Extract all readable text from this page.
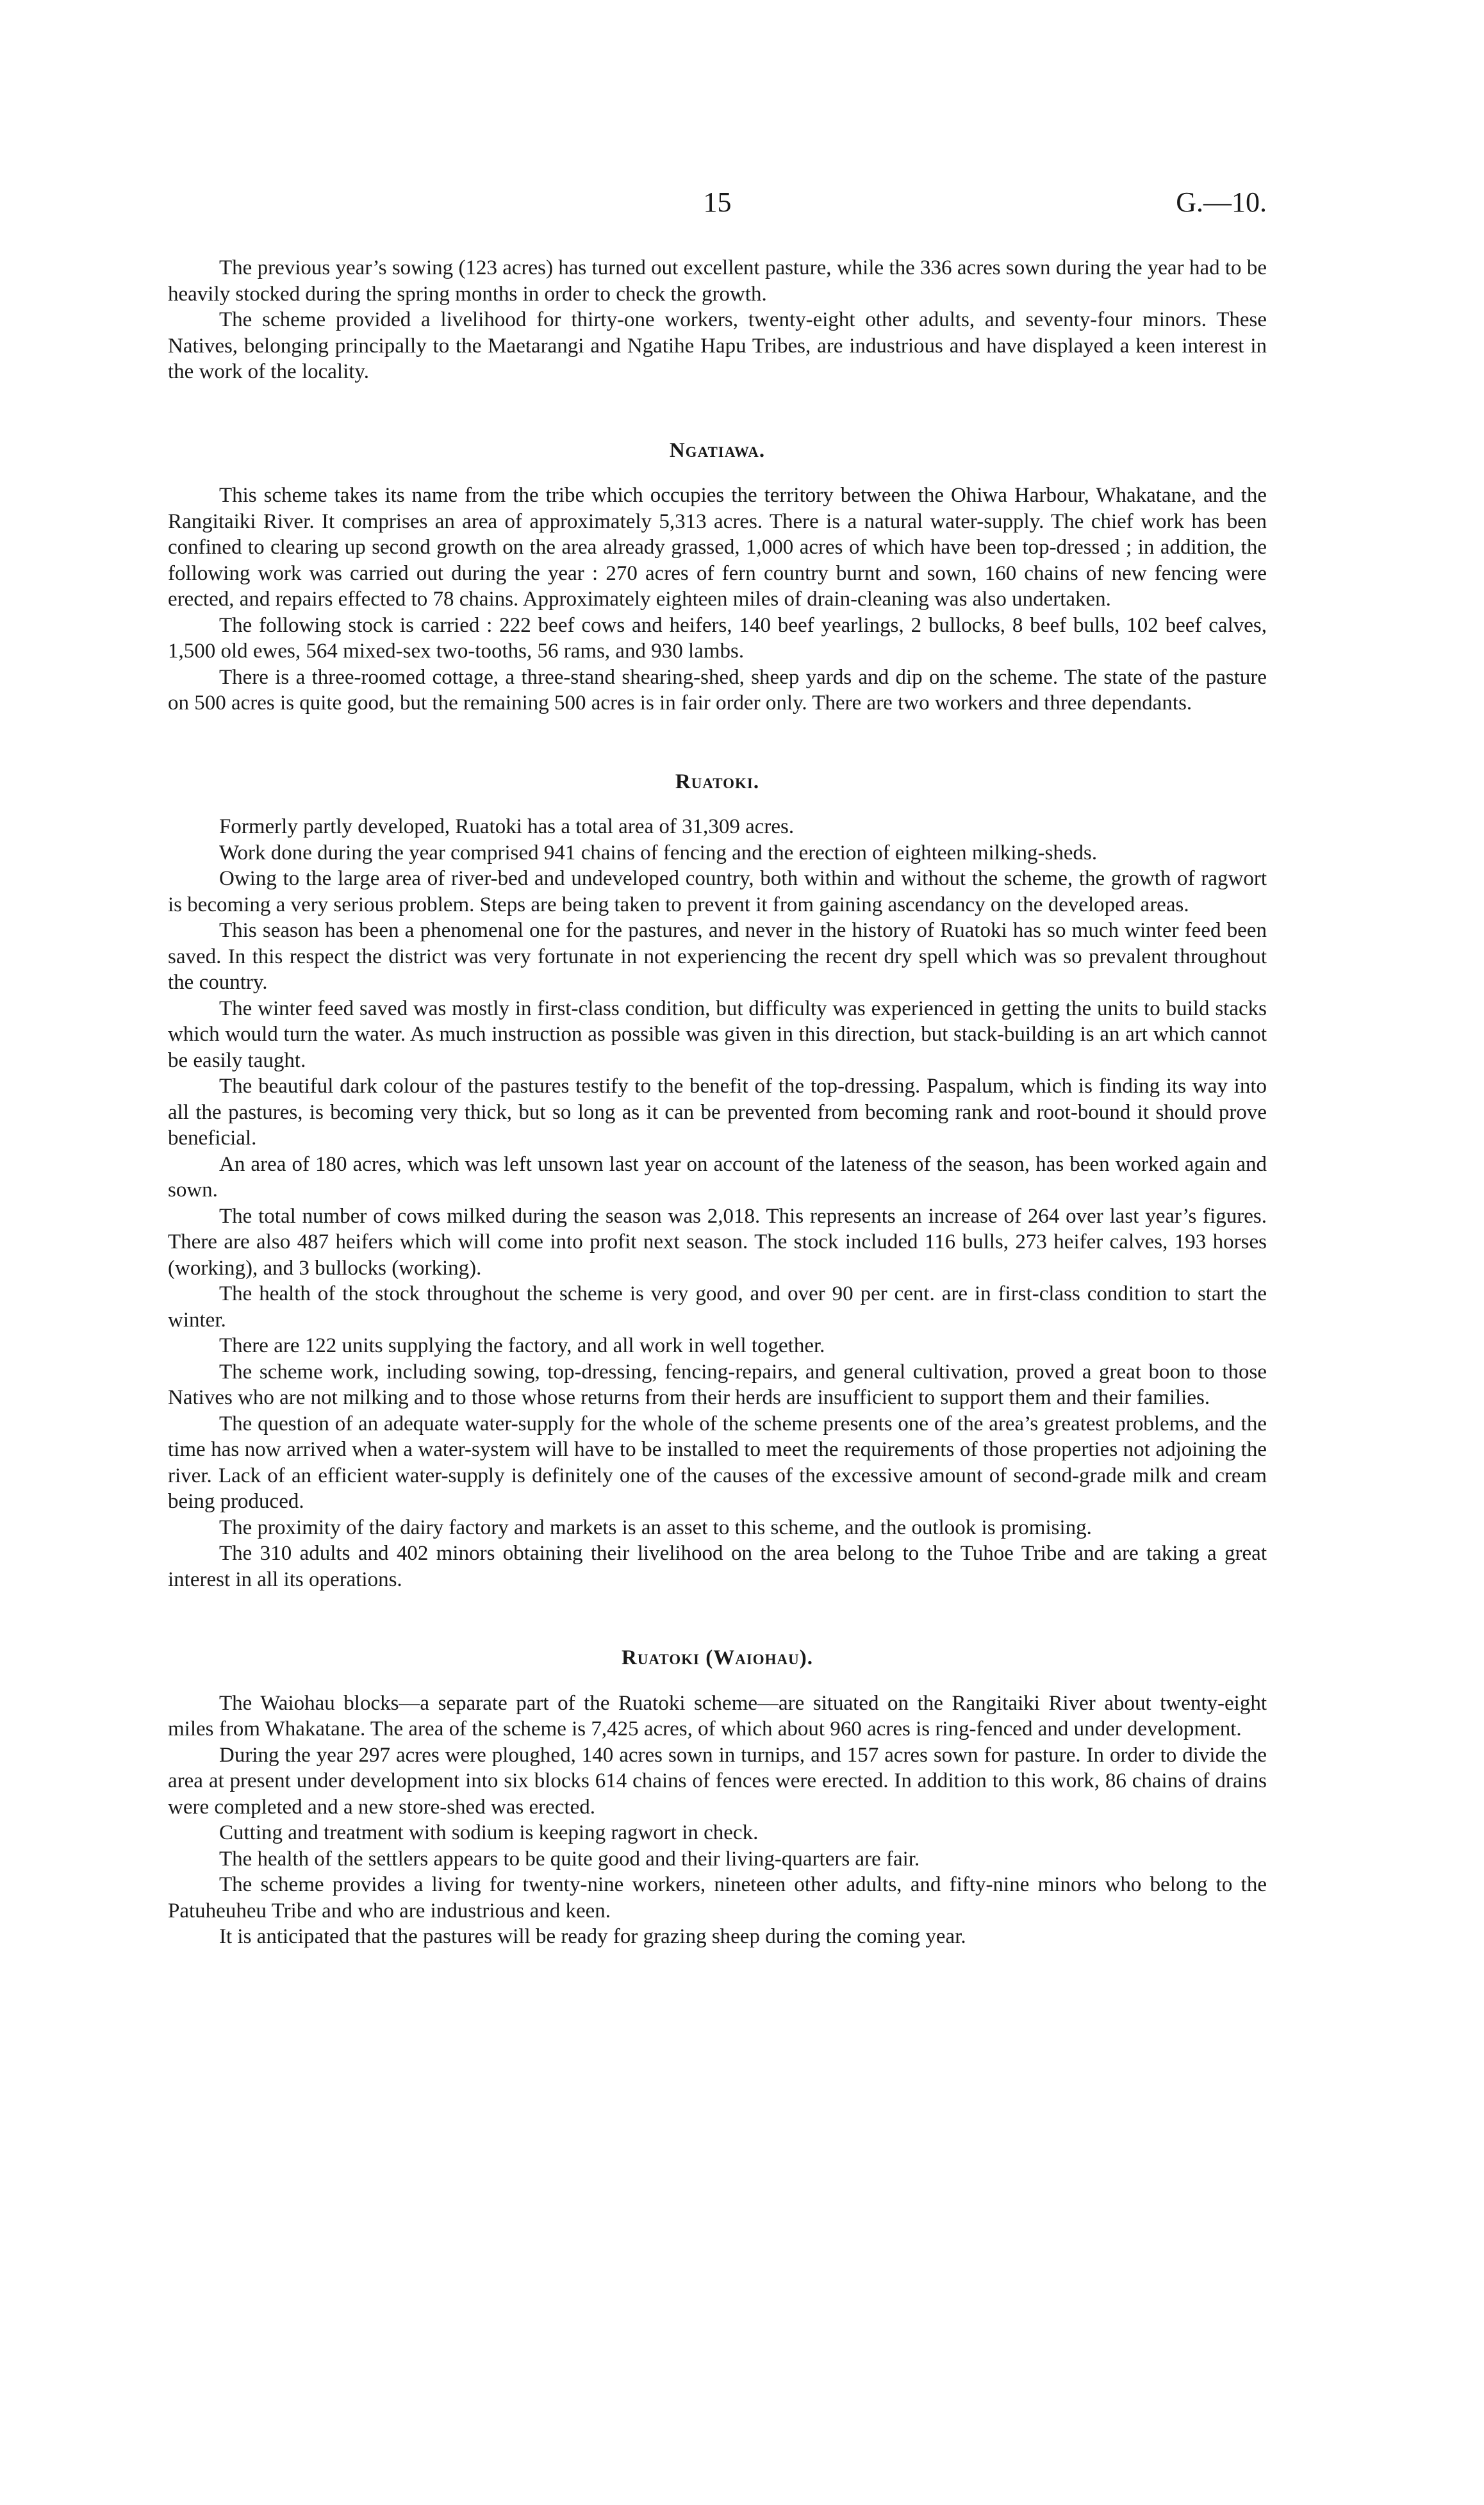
15	G.—10.

The previous year’s sowing (123 acres) has turned out excellent pasture, while the 336 acres sown during the year had to be heavily stocked during the spring months in order to check the growth.

The scheme provided a livelihood for thirty-one workers, twenty-eight other adults, and seventy-four minors. These Natives, belonging principally to the Maetarangi and Ngatihe Hapu Tribes, are industrious and have displayed a keen interest in the work of the locality.

Ngatiawa.

This scheme takes its name from the tribe which occupies the territory between the Ohiwa Harbour, Whakatane, and the Rangitaiki River. It comprises an area of approximately 5,313 acres. There is a natural water-supply. The chief work has been confined to clearing up second growth on the area already grassed, 1,000 acres of which have been top-dressed ; in addition, the following work was carried out during the year : 270 acres of fern country burnt and sown, 160 chains of new fencing were erected, and repairs effected to 78 chains. Approximately eighteen miles of drain-cleaning was also undertaken.

The following stock is carried : 222 beef cows and heifers, 140 beef yearlings, 2 bullocks, 8 beef bulls, 102 beef calves, 1,500 old ewes, 564 mixed-sex two-tooths, 56 rams, and 930 lambs.

There is a three-roomed cottage, a three-stand shearing-shed, sheep yards and dip on the scheme. The state of the pasture on 500 acres is quite good, but the remaining 500 acres is in fair order only. There are two workers and three dependants.

Ruatoki.

Formerly partly developed, Ruatoki has a total area of 31,309 acres.

Work done during the year comprised 941 chains of fencing and the erection of eighteen milking-sheds.

Owing to the large area of river-bed and undeveloped country, both within and without the scheme, the growth of ragwort is becoming a very serious problem. Steps are being taken to prevent it from gaining ascendancy on the developed areas.

This season has been a phenomenal one for the pastures, and never in the history of Ruatoki has so much winter feed been saved. In this respect the district was very fortunate in not experiencing the recent dry spell which was so prevalent throughout the country.

The winter feed saved was mostly in first-class condition, but difficulty was experienced in getting the units to build stacks which would turn the water. As much instruction as possible was given in this direction, but stack-building is an art which cannot be easily taught.

The beautiful dark colour of the pastures testify to the benefit of the top-dressing. Paspalum, which is finding its way into all the pastures, is becoming very thick, but so long as it can be prevented from becoming rank and root-bound it should prove beneficial.

An area of 180 acres, which was left unsown last year on account of the lateness of the season, has been worked again and sown.

The total number of cows milked during the season was 2,018. This represents an increase of 264 over last year’s figures. There are also 487 heifers which will come into profit next season. The stock included 116 bulls, 273 heifer calves, 193 horses (working), and 3 bullocks (working).

The health of the stock throughout the scheme is very good, and over 90 per cent. are in first-class condition to start the winter.

There are 122 units supplying the factory, and all work in well together.

The scheme work, including sowing, top-dressing, fencing-repairs, and general cultivation, proved a great boon to those Natives who are not milking and to those whose returns from their herds are insufficient to support them and their families.

The question of an adequate water-supply for the whole of the scheme presents one of the area’s greatest problems, and the time has now arrived when a water-system will have to be installed to meet the requirements of those properties not adjoining the river. Lack of an efficient water-supply is definitely one of the causes of the excessive amount of second-grade milk and cream being produced.

The proximity of the dairy factory and markets is an asset to this scheme, and the outlook is promising.

The 310 adults and 402 minors obtaining their livelihood on the area belong to the Tuhoe Tribe and are taking a great interest in all its operations.

Ruatoki (Waiohau).

The Waiohau blocks—a separate part of the Ruatoki scheme—are situated on the Rangitaiki River about twenty-eight miles from Whakatane. The area of the scheme is 7,425 acres, of which about 960 acres is ring-fenced and under development.

During the year 297 acres were ploughed, 140 acres sown in turnips, and 157 acres sown for pasture. In order to divide the area at present under development into six blocks 614 chains of fences were erected. In addition to this work, 86 chains of drains were completed and a new store-shed was erected.

Cutting and treatment with sodium is keeping ragwort in check.

The health of the settlers appears to be quite good and their living-quarters are fair.

The scheme provides a living for twenty-nine workers, nineteen other adults, and fifty-nine minors who belong to the Patuheuheu Tribe and who are industrious and keen.

It is anticipated that the pastures will be ready for grazing sheep during the coming year.
